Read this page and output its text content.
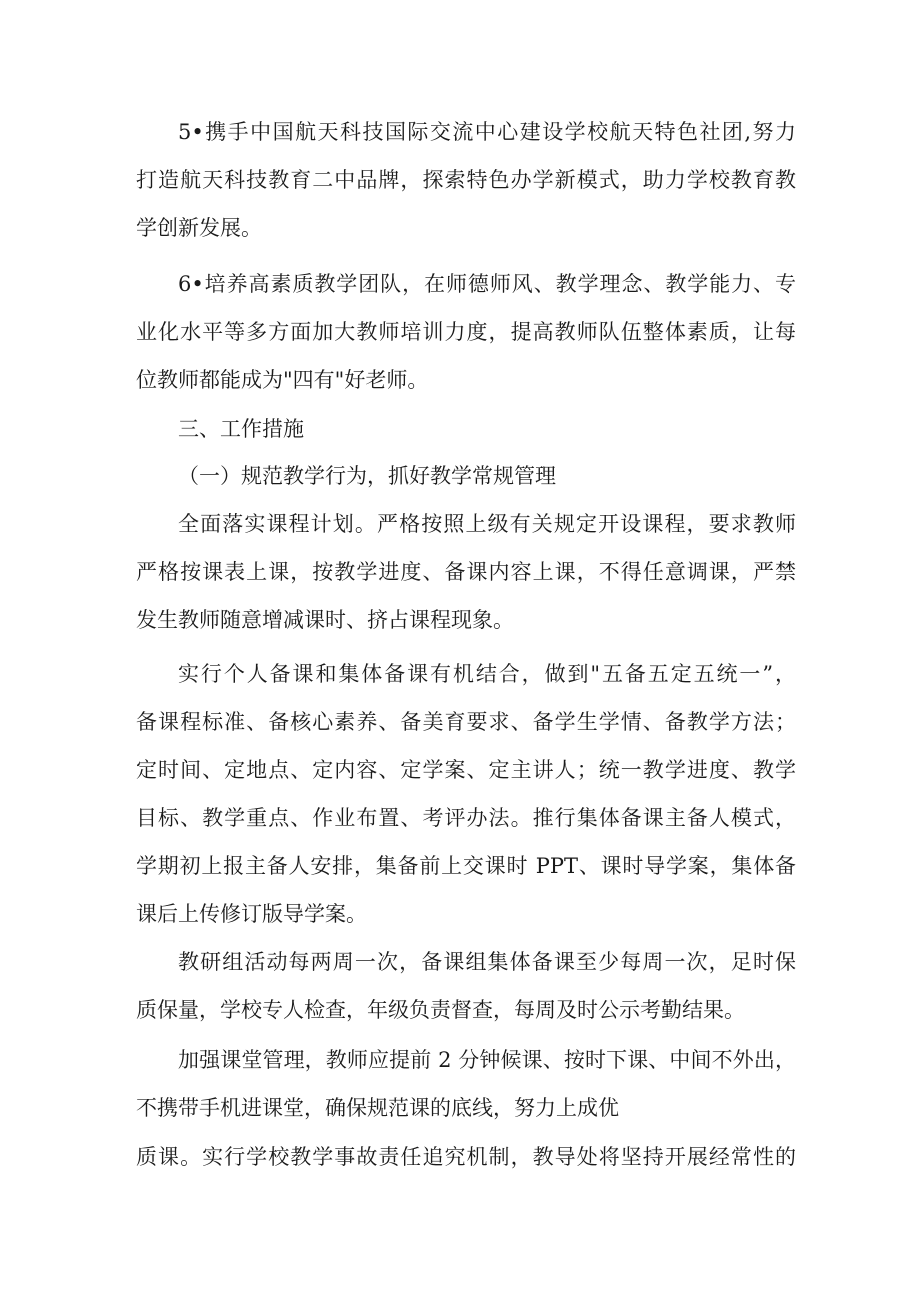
5•携手中国航天科技国际交流中心建设学校航天特色社团,努力
打造航天科技教育二中品牌，探索特色办学新模式，助力学校教育教
学创新发展。
6•培养高素质教学团队，在师德师风、教学理念、教学能力、专
业化水平等多方面加大教师培训力度，提高教师队伍整体素质，让每
位教师都能成为"四有"好老师。
三、工作措施
（一）规范教学行为，抓好教学常规管理
全面落实课程计划。严格按照上级有关规定开设课程，要求教师
严格按课表上课，按教学进度、备课内容上课，不得任意调课，严禁
发生教师随意增减课时、挤占课程现象。
实行个人备课和集体备课有机结合，做到"五备五定五统一”，
备课程标准、备核心素养、备美育要求、备学生学情、备教学方法；
定时间、定地点、定内容、定学案、定主讲人；统一教学进度、教学
目标、教学重点、作业布置、考评办法。推行集体备课主备人模式，
学期初上报主备人安排，集备前上交课时 PPT、课时导学案，集体备
课后上传修订版导学案。
教研组活动每两周一次，备课组集体备课至少每周一次，足时保
质保量，学校专人检查，年级负责督查，每周及时公示考勤结果。
加强课堂管理，教师应提前 2 分钟候课、按时下课、中间不外出，
不携带手机进课堂，确保规范课的底线，努力上成优
质课。实行学校教学事故责任追究机制，教导处将坚持开展经常性的
